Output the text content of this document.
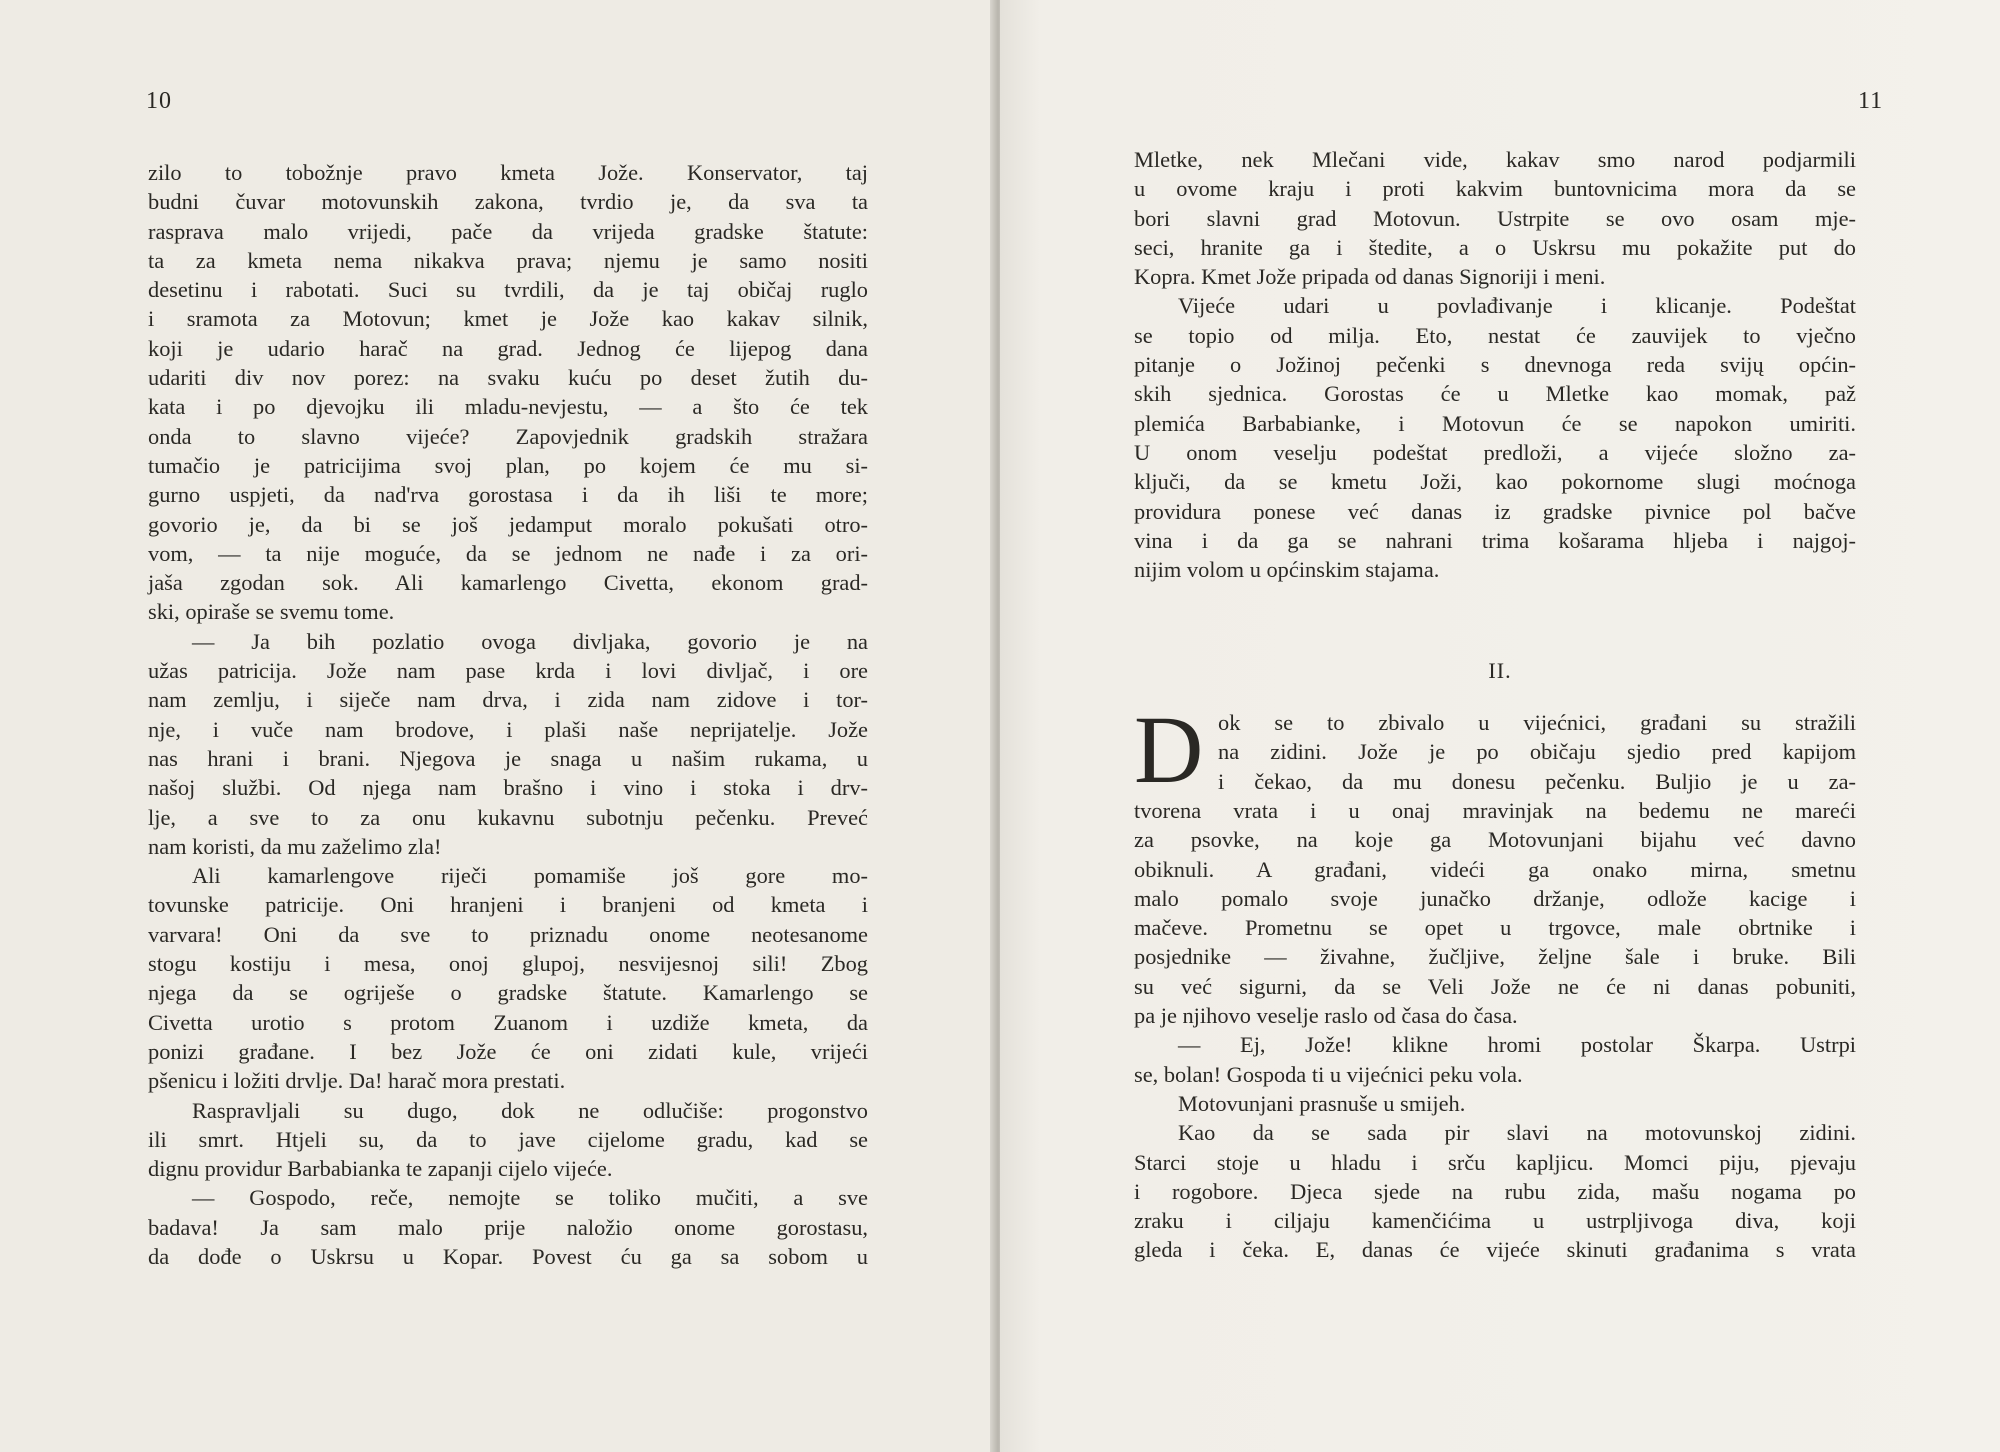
10
zilo to tobožnje pravo kmeta Jože. Konservator, taj
budni čuvar motovunskih zakona, tvrdio je, da sva ta
rasprava malo vrijedi, pače da vrijeda gradske štatute:
ta za kmeta nema nikakva prava; njemu je samo nositi
desetinu i rabotati. Suci su tvrdili, da je taj običaj ruglo
i sramota za Motovun; kmet je Jože kao kakav silnik,
koji je udario harač na grad. Jednog će lijepog dana
udariti div nov porez: na svaku kuću po deset žutih du-
kata i po djevojku ili mladu-nevjestu, — a što će tek
onda to slavno vijeće? Zapovjednik gradskih stražara
tumačio je patricijima svoj plan, po kojem će mu si-
gurno uspjeti, da nad'rva gorostasa i da ih liši te more;
govorio je, da bi se još jedamput moralo pokušati otro-
vom, — ta nije moguće, da se jednom ne nađe i za ori-
jaša zgodan sok. Ali kamarlengo Civetta, ekonom grad-
ski, opiraše se svemu tome.
— Ja bih pozlatio ovoga divljaka, govorio je na
užas patricija. Jože nam pase krda i lovi divljač, i ore
nam zemlju, i siječe nam drva, i zida nam zidove i tor-
nje, i vuče nam brodove, i plaši naše neprijatelje. Jože
nas hrani i brani. Njegova je snaga u našim rukama, u
našoj službi. Od njega nam brašno i vino i stoka i drv-
lje, a sve to za onu kukavnu subotnju pečenku. Preveć
nam koristi, da mu zaželimo zla!
Ali kamarlengove riječi pomamiše još gore mo-
tovunske patricije. Oni hranjeni i branjeni od kmeta i
varvara! Oni da sve to priznadu onome neotesanome
stogu kostiju i mesa, onoj glupoj, nesvijesnoj sili! Zbog
njega da se ogriješe o gradske štatute. Kamarlengo se
Civetta urotio s protom Zuanom i uzdiže kmeta, da
ponizi građane. I bez Jože će oni zidati kule, vrijeći
pšenicu i ložiti drvlje. Da! harač mora prestati.
Raspravljali su dugo, dok ne odlučiše: progonstvo
ili smrt. Htjeli su, da to jave cijelome gradu, kad se
dignu providur Barbabianka te zapanji cijelo vijeće.
— Gospodo, reče, nemojte se toliko mučiti, a sve
badava! Ja sam malo prije naložio onome gorostasu,
da dođe o Uskrsu u Kopar. Povest ću ga sa sobom u
11
Mletke, nek Mlečani vide, kakav smo narod podjarmili
u ovome kraju i proti kakvim buntovnicima mora da se
bori slavni grad Motovun. Ustrpite se ovo osam mje-
seci, hranite ga i štedite, a o Uskrsu mu pokažite put do
Kopra. Kmet Jože pripada od danas Signoriji i meni.
Vijeće udari u povlađivanje i klicanje. Podeštat
se topio od milja. Eto, nestat će zauvijek to vječno
pitanje o Jožinoj pečenki s dnevnoga reda svijų općin-
skih sjednica. Gorostas će u Mletke kao momak, paž
plemića Barbabianke, i Motovun će se napokon umiriti.
U onom veselju podeštat predloži, a vijeće složno za-
ključi, da se kmetu Joži, kao pokornome slugi moćnoga
providura ponese već danas iz gradske pivnice pol bačve
vina i da ga se nahrani trima košarama hljeba i najgoj-
nijim volom u općinskim stajama.
II.
D ok se to zbivalo u vijećnici, građani su stražili
na zidini. Jože je po običaju sjedio pred kapijom
i čekao, da mu donesu pečenku. Buljio je u za-
tvorena vrata i u onaj mravinjak na bedemu ne mareći
za psovke, na koje ga Motovunjani bijahu već davno
obiknuli. A građani, videći ga onako mirna, smetnu
malo pomalo svoje junačko držanje, odlože kacige i
mačeve. Prometnu se opet u trgovce, male obrtnike i
posjednike — živahne, žučljive, željne šale i bruke. Bili
su već sigurni, da se Veli Jože ne će ni danas pobuniti,
pa je njihovo veselje raslo od časa do časa.
— Ej, Jože! klikne hromi postolar Škarpa. Ustrpi
se, bolan! Gospoda ti u vijećnici peku vola.
Motovunjani prasnuše u smijeh.
Kao da se sada pir slavi na motovunskoj zidini.
Starci stoje u hladu i srču kapljicu. Momci piju, pjevaju
i rogobore. Djeca sjede na rubu zida, mašu nogama po
zraku i ciljaju kamenčićima u ustrpljivoga diva, koji
gleda i čeka. E, danas će vijeće skinuti građanima s vrata
